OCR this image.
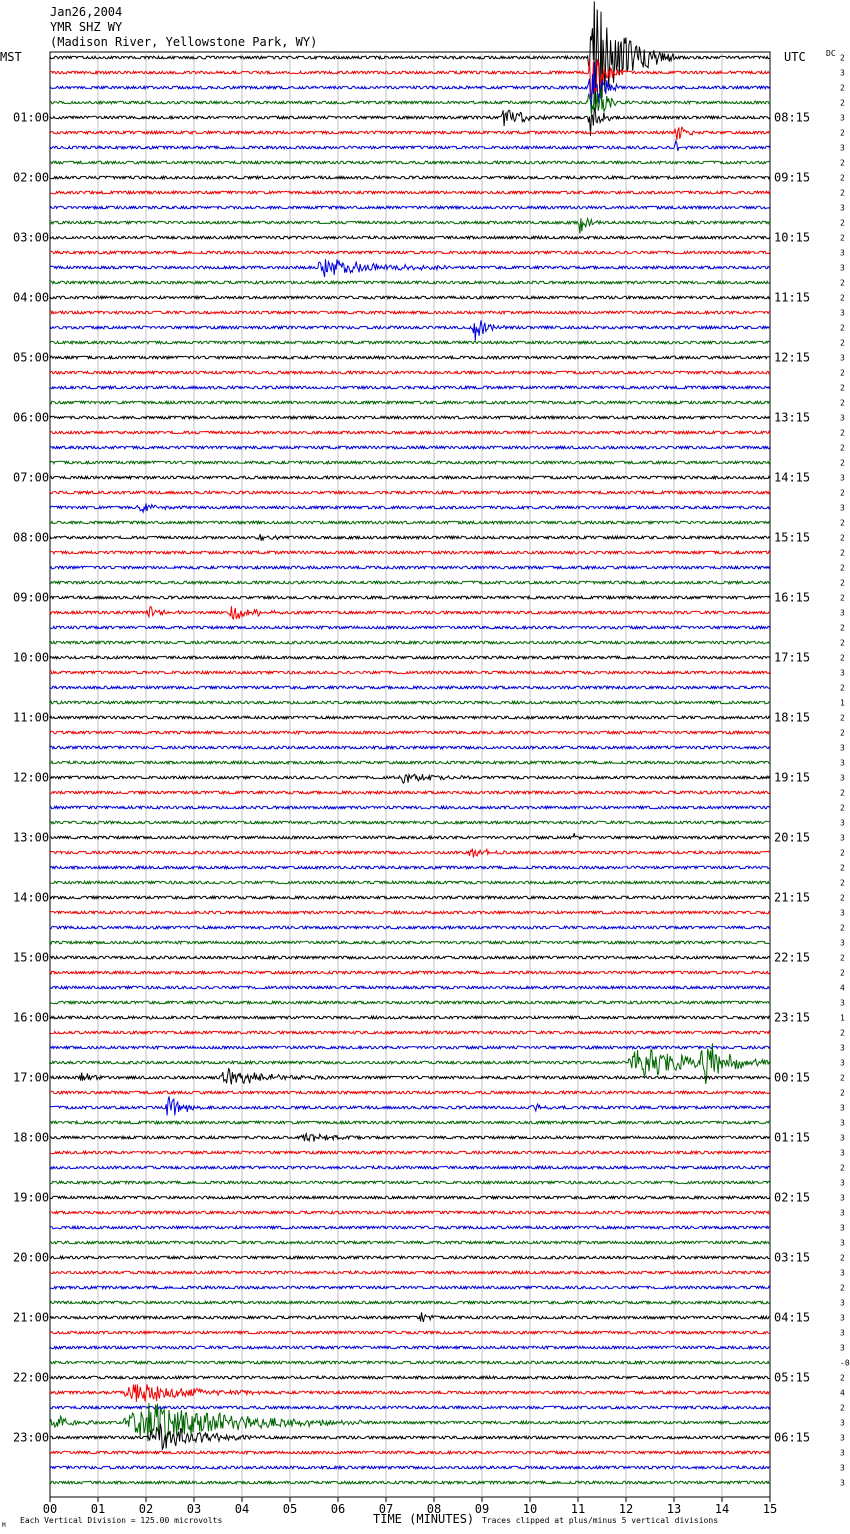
2
3
2
2
3
2
3
2
2
2
3
2
2
3
3
2
2
3
2
2
3
2
2
2
3
2
2
2
3
2
3
2
2
2
2
2
2
3
2
2
2
3
2
1
2
2
3
3
3
2
2
3
3
2
2
2
2
3
2
3
2
2
4
3
1
2
3
3
2
2
3
3
3
3
2
3
3
3
3
3
2
3
2
3
3
3
3
-0
2
4
2
3
3
3
3
3
01:00
02:00
03:00
04:00
05:00
06:00
07:00
08:00
09:00
10:00
11:00
12:00
13:00
14:00
15:00
16:00
17:00
18:00
19:00
20:00
21:00
22:00
23:00
08:15
09:15
10:15
11:15
12:15
13:15
14:15
15:15
16:15
17:15
18:15
19:15
20:15
21:15
22:15
23:15
00:15
01:15
02:15
03:15
04:15
05:15
06:15
00	01	02	03	04	05	06	07	08	09	10	11	12	13	14	15
Jan26,2004
YMR SHZ WY
(Madison River, Yellowstone Park, WY)
MST	UTC	DC
TIME (MINUTES)
Each Vertical Division = 125.00 microvolts	Traces clipped at plus/minus 5 vertical divisions
M
